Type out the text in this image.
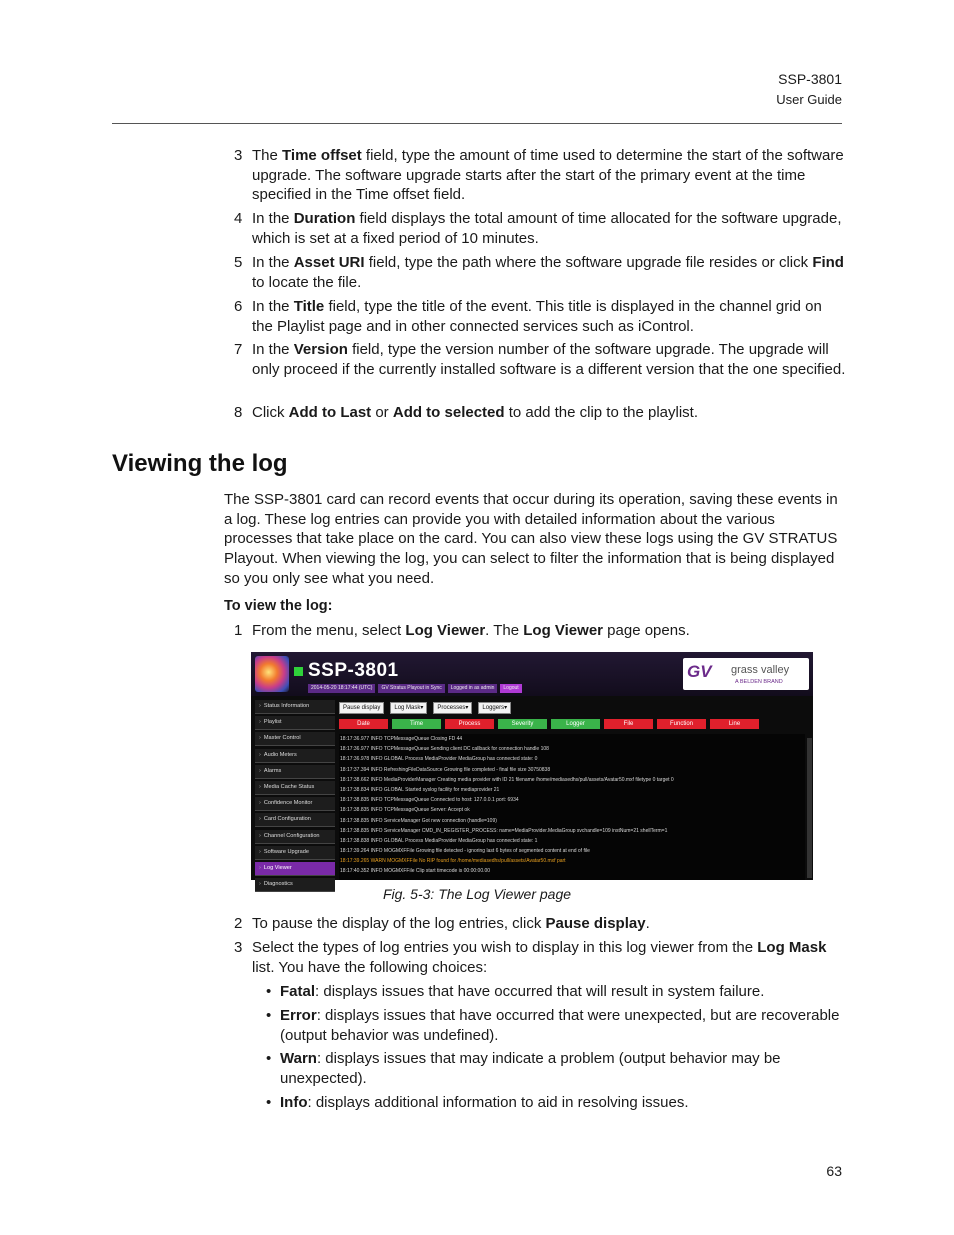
SSP-3801
User Guide
3 The Time offset field, type the amount of time used to determine the start of the software upgrade. The software upgrade starts after the start of the primary event at the time specified in the Time offset field.
4 In the Duration field displays the total amount of time allocated for the software upgrade, which is set at a fixed period of 10 minutes.
5 In the Asset URI field, type the path where the software upgrade file resides or click Find to locate the file.
6 In the Title field, type the title of the event. This title is displayed in the channel grid on the Playlist page and in other connected services such as iControl.
7 In the Version field, type the version number of the software upgrade. The upgrade will only proceed if the currently installed software is a different version that the one specified.
8 Click Add to Last or Add to selected to add the clip to the playlist.
Viewing the log
The SSP-3801 card can record events that occur during its operation, saving these events in a log. These log entries can provide you with detailed information about the various processes that take place on the card. You can also view these logs using the GV STRATUS Playout. When viewing the log, you can select to filter the information that is being displayed so you only see what you need.
To view the log:
1 From the menu, select Log Viewer. The Log Viewer page opens.
SSP-3801
2014-05-20 18:17:44 (UTC)	GV Stratus Playout in Sync	Logged in as admin	Logout
GV grass valley
A BELDEN BRAND
› Status Information
› Playlist
› Master Control
› Audio Meters
› Alarms
› Media Cache Status
› Confidence Monitor
› Card Configuration
› Channel Configuration
› Software Upgrade
› Log Viewer
› Diagnostics
Pause display	Log Mask▾	Processes▾	Loggers▾
Date	Time	Process	Severity	Logger	File	Function	Line
18:17:36.977 INFO TCPMessageQueue Closing FD 44
18:17:36.977 INFO TCPMessageQueue Sending client DC callback for connection handle 108
18:17:36.978 INFO GLOBAL Process MediaProvider MediaGroup has connected state: 0
18:17:37.394 INFO RefreshingFileDataSource Growing file completed - final file size 30750838
18:17:38.662 INFO MediaProviderManager Creating media provider with ID 21 filename /home/mediasedhs/pull/assets/Avatar50.mxf filetype 0 target 0
18:17:38.834 INFO GLOBAL Started syslog facility for mediaprovider 21
18:17:38.835 INFO TCPMessageQueue Connected to host: 127.0.0.1 port: 6934
18:17:38.835 INFO TCPMessageQueue Server: Accept ok
18:17:38.835 INFO ServiceManager Got new connection (handle=109)
18:17:38.835 INFO ServiceManager CMD_IN_REGISTER_PROCESS: name=MediaProvider.MediaGroup svchandle=109 instNum=21 shellTerm=1
18:17:38.838 INFO GLOBAL Process MediaProvider MediaGroup has connected state: 1
18:17:39.264 INFO MOGMXFFile Growing file detected - ignoring last 6 bytes of segmented content at end of file
18:17:39.265 WARN MOGMXFFile No RIP found for /home/mediasedhs/pull/assets/Avatar50.mxf part
18:17:40.352 INFO MOGMXFFile Clip start timecode is 00:00:00.00
Fig. 5-3: The Log Viewer page
2 To pause the display of the log entries, click Pause display.
3 Select the types of log entries you wish to display in this log viewer from the Log Mask list. You have the following choices:
• Fatal: displays issues that have occurred that will result in system failure.
• Error: displays issues that have occurred that were unexpected, but are recoverable (output behavior was undefined).
• Warn: displays issues that may indicate a problem (output behavior may be unexpected).
• Info: displays additional information to aid in resolving issues.
63
